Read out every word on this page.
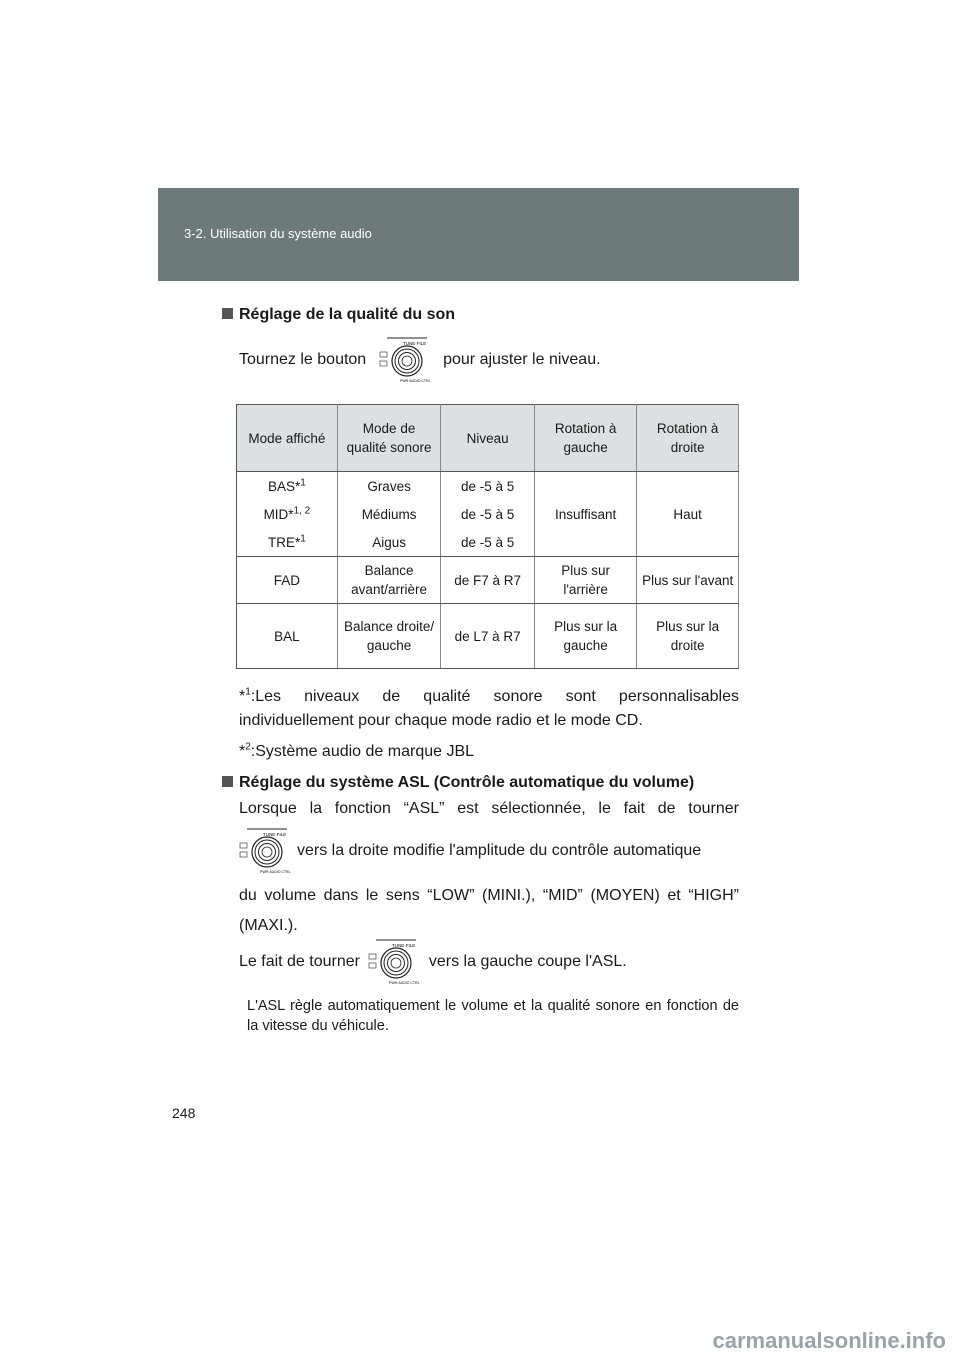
3-2. Utilisation du système audio
Réglage de la qualité du son
Tournez le bouton
TUNE·FILE
PWR·AUDIO CTRL
pour ajuster le niveau.
Mode affiché	Mode de qualité sonore	Niveau	Rotation à gauche	Rotation à droite
BAS*$^1$	Graves	de -5 à 5	Insuffisant	Haut
MID*$^{1, 2}$	Médiums	de -5 à 5		
TRE*$^1$	Aigus	de -5 à 5		
FAD	Balance avant/arrière	de F7 à R7	Plus sur l'arrière	Plus sur l'avant
BAL	Balance droite/ gauche	de L7 à R7	Plus sur la gauche	Plus sur la droite
*$^1$:Les niveaux de qualité sonore sont personnalisables individuellement pour chaque mode radio et le mode CD.
*$^2$:Système audio de marque JBL
Réglage du système ASL (Contrôle automatique du volume)
Lorsque la fonction “ASL” est sélectionnée, le fait de tourner
TUNE·FILE
PWR·AUDIO CTRL
vers la droite modifie l'amplitude du contrôle automatique
du volume dans le sens “LOW” (MINI.), “MID” (MOYEN) et “HIGH” (MAXI.).
Le fait de tourner
TUNE·FILE
PWR·AUDIO CTRL
vers la gauche coupe l'ASL.
L'ASL règle automatiquement le volume et la qualité sonore en fonction de la vitesse du véhicule.
248
carmanualsonline.info
